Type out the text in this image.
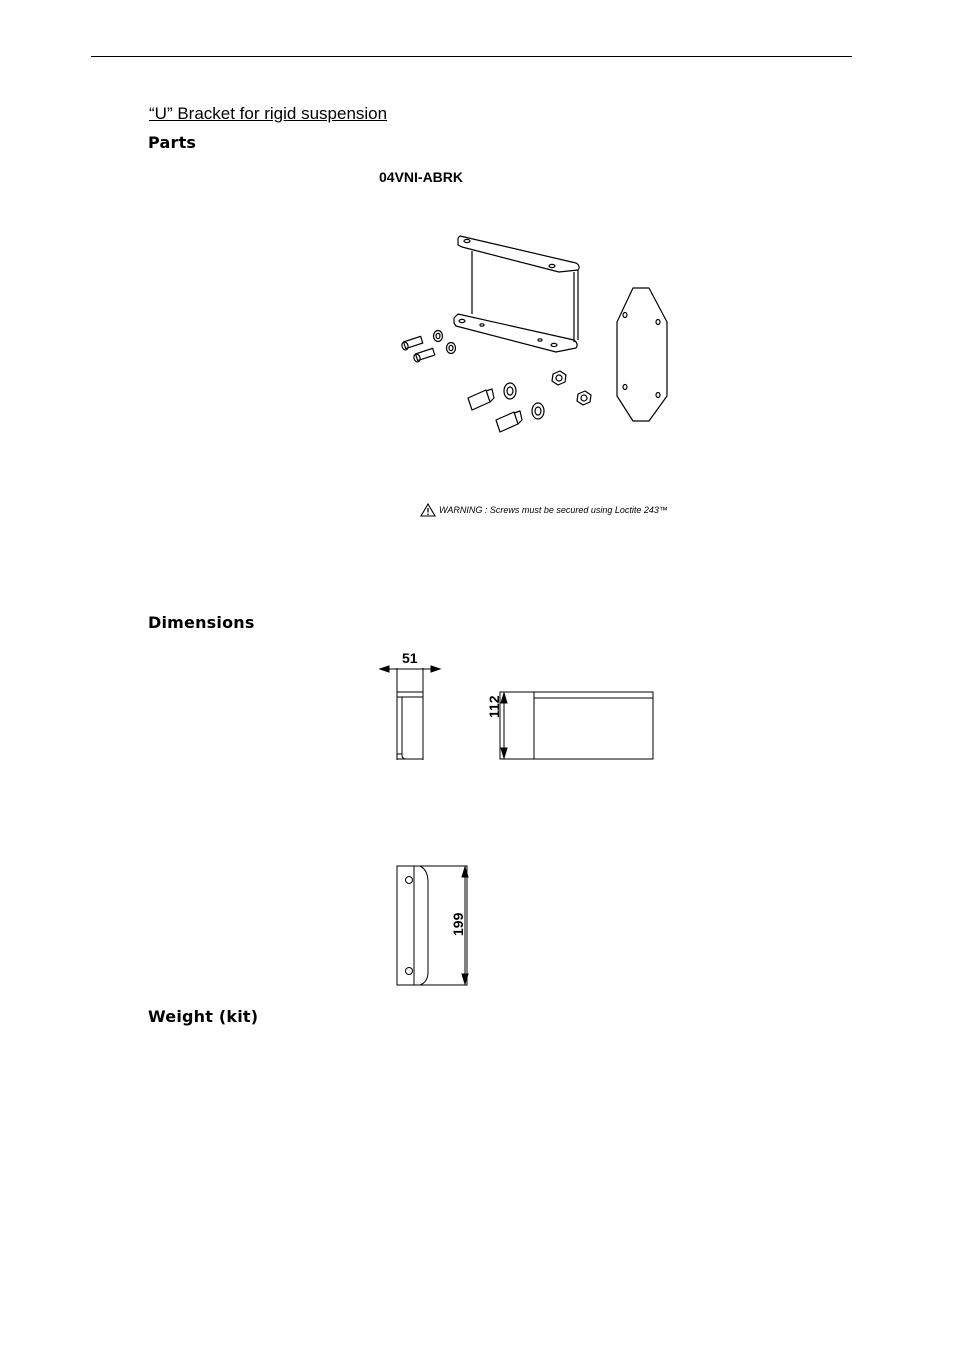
“U” Bracket for rigid suspension
Parts
04VNI-ABRK
WARNING : Screws must be secured using Loctite 243™
Dimensions
51
112
199
Weight (kit)
